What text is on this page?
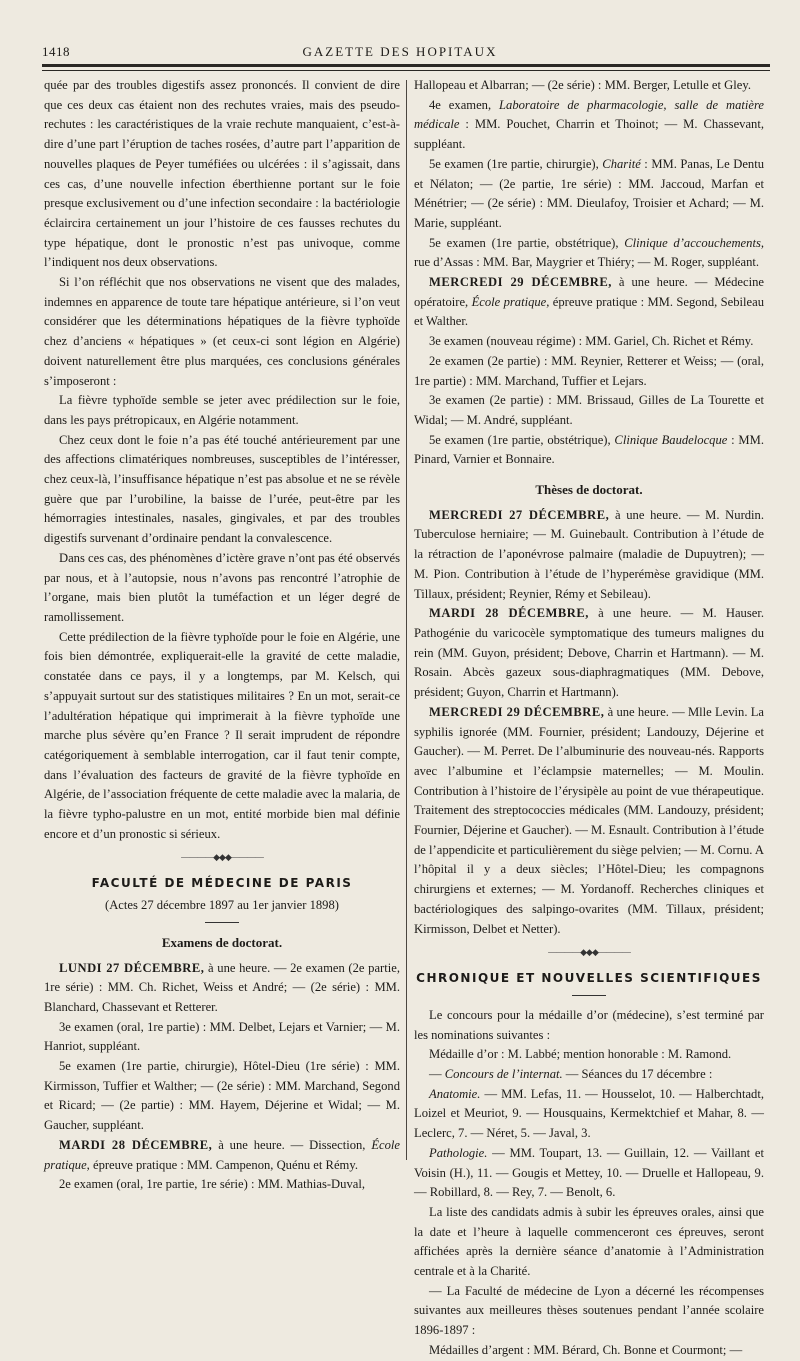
1418	GAZETTE DES HOPITAUX

quée par des troubles digestifs assez prononcés. Il convient de dire que ces deux cas étaient non des rechutes vraies, mais des pseudo-rechutes : les caractéristiques de la vraie rechute manquaient, c’est-à-dire d’une part l’éruption de taches rosées, d’autre part l’apparition de nouvelles plaques de Peyer tuméfiées ou ulcérées : il s’agissait, dans ces cas, d’une nouvelle infection éberthienne portant sur le foie presque exclusivement ou d’une infection secondaire : la bactériologie éclaircira certainement un jour l’histoire de ces fausses rechutes du type hépatique, dont le pronostic n’est pas univoque, comme l’indiquent nos deux observations.

Si l’on réfléchit que nos observations ne visent que des malades, indemnes en apparence de toute tare hépatique antérieure, si l’on veut considérer que les déterminations hépatiques de la fièvre typhoïde chez d’anciens « hépatiques » (et ceux-ci sont légion en Algérie) doivent naturellement être plus marquées, ces conclusions générales s’imposeront :

La fièvre typhoïde semble se jeter avec prédilection sur le foie, dans les pays prétropicaux, en Algérie notamment.

Chez ceux dont le foie n’a pas été touché antérieurement par une des affections climatériques nombreuses, susceptibles de l’intéresser, chez ceux-là, l’insuffisance hépatique n’est pas absolue et ne se révèle guère que par l’urobiline, la baisse de l’urée, peut-être par les hémorragies intestinales, nasales, gingivales, et par des troubles digestifs survenant d’ordinaire pendant la convalescence.

Dans ces cas, des phénomènes d’ictère grave n’ont pas été observés par nous, et à l’autopsie, nous n’avons pas rencontré l’atrophie de l’organe, mais bien plutôt la tuméfaction et un léger degré de ramollissement.

Cette prédilection de la fièvre typhoïde pour le foie en Algérie, une fois bien démontrée, expliquerait-elle la gravité de cette maladie, constatée dans ce pays, il y a longtemps, par M. Kelsch, qui s’appuyait surtout sur des statistiques militaires ? En un mot, serait-ce l’adultération hépatique qui imprimerait à la fièvre typhoïde une marche plus sévère qu’en France ? Il serait imprudent de répondre catégoriquement à semblable interrogation, car il faut tenir compte, dans l’évaluation des facteurs de gravité de la fièvre typhoïde en Algérie, de l’association fréquente de cette maladie avec la malaria, de la fièvre typho-palustre en un mot, entité morbide bien mal définie encore et d’un pronostic si sérieux.

————◆◆◆————
FACULTÉ DE MÉDECINE DE PARIS
(Actes 27 décembre 1897 au 1er janvier 1898)
Examens de doctorat.

LUNDI 27 DÉCEMBRE, à une heure. — 2e examen (2e partie, 1re série) : MM. Ch. Richet, Weiss et André; — (2e série) : MM. Blanchard, Chassevant et Retterer.

3e examen (oral, 1re partie) : MM. Delbet, Lejars et Varnier; — M. Hanriot, suppléant.

5e examen (1re partie, chirurgie), Hôtel-Dieu (1re série) : MM. Kirmisson, Tuffier et Walther; — (2e série) : MM. Marchand, Segond et Ricard; — (2e partie) : MM. Hayem, Déjerine et Widal; — M. Gaucher, suppléant.

MARDI 28 DÉCEMBRE, à une heure. — Dissection, École pratique, épreuve pratique : MM. Campenon, Quénu et Rémy.

2e examen (oral, 1re partie, 1re série) : MM. Mathias-Duval,

Hallopeau et Albarran; — (2e série) : MM. Berger, Letulle et Gley.

4e examen, Laboratoire de pharmacologie, salle de matière médicale : MM. Pouchet, Charrin et Thoinot; — M. Chassevant, suppléant.

5e examen (1re partie, chirurgie), Charité : MM. Panas, Le Dentu et Nélaton; — (2e partie, 1re série) : MM. Jaccoud, Marfan et Ménétrier; — (2e série) : MM. Dieulafoy, Troisier et Achard; — M. Marie, suppléant.

5e examen (1re partie, obstétrique), Clinique d’accouchements, rue d’Assas : MM. Bar, Maygrier et Thiéry; — M. Roger, suppléant.

MERCREDI 29 DÉCEMBRE, à une heure. — Médecine opératoire, École pratique, épreuve pratique : MM. Segond, Sebileau et Walther.

3e examen (nouveau régime) : MM. Gariel, Ch. Richet et Rémy.

2e examen (2e partie) : MM. Reynier, Retterer et Weiss; — (oral, 1re partie) : MM. Marchand, Tuffier et Lejars.

3e examen (2e partie) : MM. Brissaud, Gilles de La Tourette et Widal; — M. André, suppléant.

5e examen (1re partie, obstétrique), Clinique Baudelocque : MM. Pinard, Varnier et Bonnaire.

Thèses de doctorat.

MERCREDI 27 DÉCEMBRE, à une heure. — M. Nurdin. Tuberculose herniaire; — M. Guinebault. Contribution à l’étude de la rétraction de l’aponévrose palmaire (maladie de Dupuytren); — M. Pion. Contribution à l’étude de l’hyperémèse gravidique (MM. Tillaux, président; Reynier, Rémy et Sebileau).

MARDI 28 DÉCEMBRE, à une heure. — M. Hauser. Pathogénie du varicocèle symptomatique des tumeurs malignes du rein (MM. Guyon, président; Debove, Charrin et Hartmann). — M. Rosain. Abcès gazeux sous-diaphragmatiques (MM. Debove, président; Guyon, Charrin et Hartmann).

MERCREDI 29 DÉCEMBRE, à une heure. — Mlle Levin. La syphilis ignorée (MM. Fournier, président; Landouzy, Déjerine et Gaucher). — M. Perret. De l’albuminurie des nouveau-nés. Rapports avec l’albumine et l’éclampsie maternelles; — M. Moulin. Contribution à l’histoire de l’érysipèle au point de vue thérapeutique. Traitement des streptococcies médicales (MM. Landouzy, président; Fournier, Déjerine et Gaucher). — M. Esnault. Contribution à l’étude de l’appendicite et particulièrement du siège pelvien; — M. Cornu. A l’hôpital il y a deux siècles; l’Hôtel-Dieu; les compagnons chirurgiens et externes; — M. Yordanoff. Recherches cliniques et bactériologiques des salpingo-ovarites (MM. Tillaux, président; Kirmisson, Delbet et Netter).

————◆◆◆————
CHRONIQUE ET NOUVELLES SCIENTIFIQUES

Le concours pour la médaille d’or (médecine), s’est terminé par les nominations suivantes :

Médaille d’or : M. Labbé; mention honorable : M. Ramond.

— Concours de l’internat. — Séances du 17 décembre :

Anatomie. — MM. Lefas, 11. — Housselot, 10. — Halberchtadt, Loizel et Meuriot, 9. — Housquains, Kermektchief et Mahar, 8. — Leclerc, 7. — Néret, 5. — Javal, 3.

Pathologie. — MM. Toupart, 13. — Guillain, 12. — Vaillant et Voisin (H.), 11. — Gougis et Mettey, 10. — Druelle et Hallopeau, 9. — Robillard, 8. — Rey, 7. — Benolt, 6.

La liste des candidats admis à subir les épreuves orales, ainsi que la date et l’heure à laquelle commenceront ces épreuves, seront affichées après la dernière séance d’anatomie à l’Administration centrale et à la Charité.

— La Faculté de médecine de Lyon a décerné les récompenses suivantes aux meilleures thèses soutenues pendant l’année scolaire 1896-1897 :

Médailles d’argent : MM. Bérard, Ch. Bonne et Courmont; —
